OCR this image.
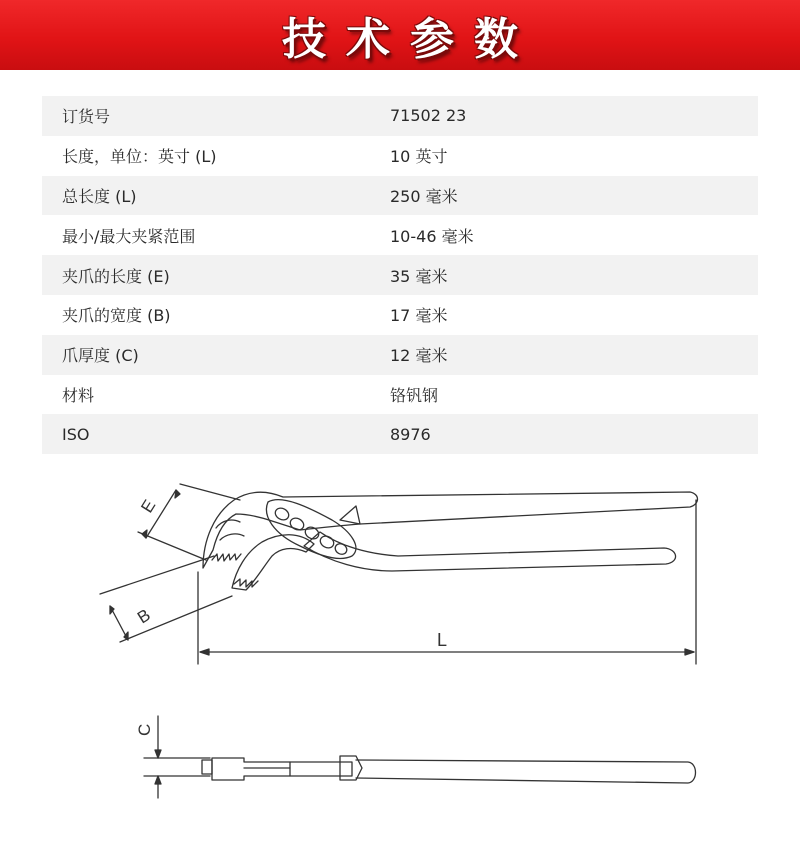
技术参数
订货号	71502 23
长度，单位：英寸 (L)	10 英寸
总长度 (L)	250 毫米
最小/最大夹紧范围	10-46 毫米
夹爪的长度 (E)	35 毫米
夹爪的宽度 (B)	17 毫米
爪厚度 (C)	12 毫米
材料	铬钒钢
ISO	8976
E
B
L
C
